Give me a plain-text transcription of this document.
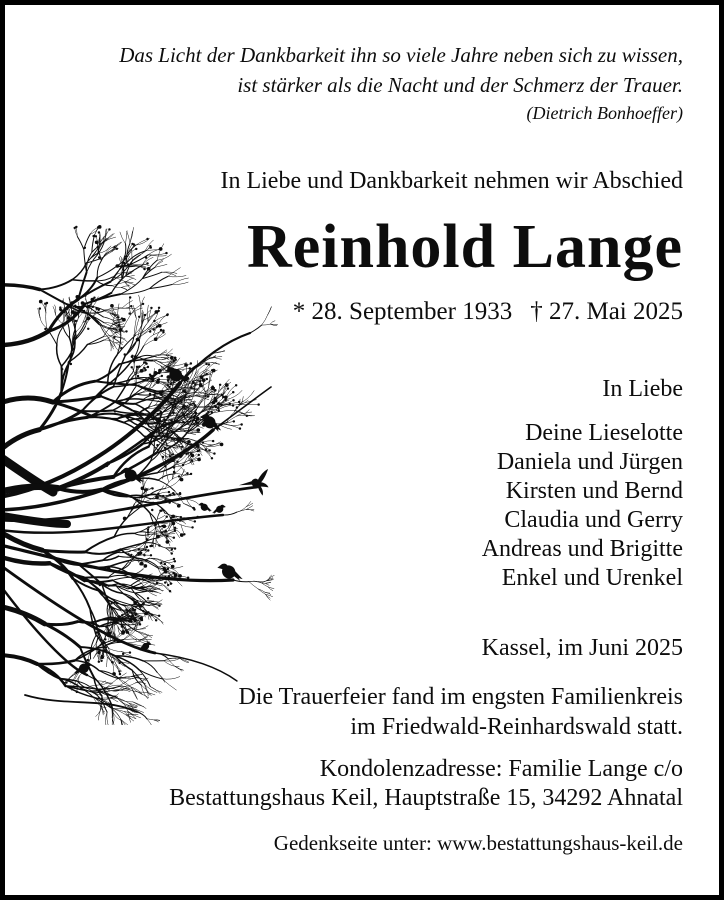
Das Licht der Dankbarkeit ihn so viele Jahre neben sich zu wissen,
ist stärker als die Nacht und der Schmerz der Trauer.
(Dietrich Bonhoeffer)
In Liebe und Dankbarkeit nehmen wir Abschied
Reinhold Lange
* 28. September 1933 † 27. Mai 2025
In Liebe
Deine Lieselotte
Daniela und Jürgen
Kirsten und Bernd
Claudia und Gerry
Andreas und Brigitte
Enkel und Urenkel
Kassel, im Juni 2025
Die Trauerfeier fand im engsten Familienkreis
im Friedwald-Reinhardswald statt.
Kondolenzadresse: Familie Lange c/o
Bestattungshaus Keil, Hauptstraße 15, 34292 Ahnatal
Gedenkseite unter: www.bestattungshaus-keil.de
